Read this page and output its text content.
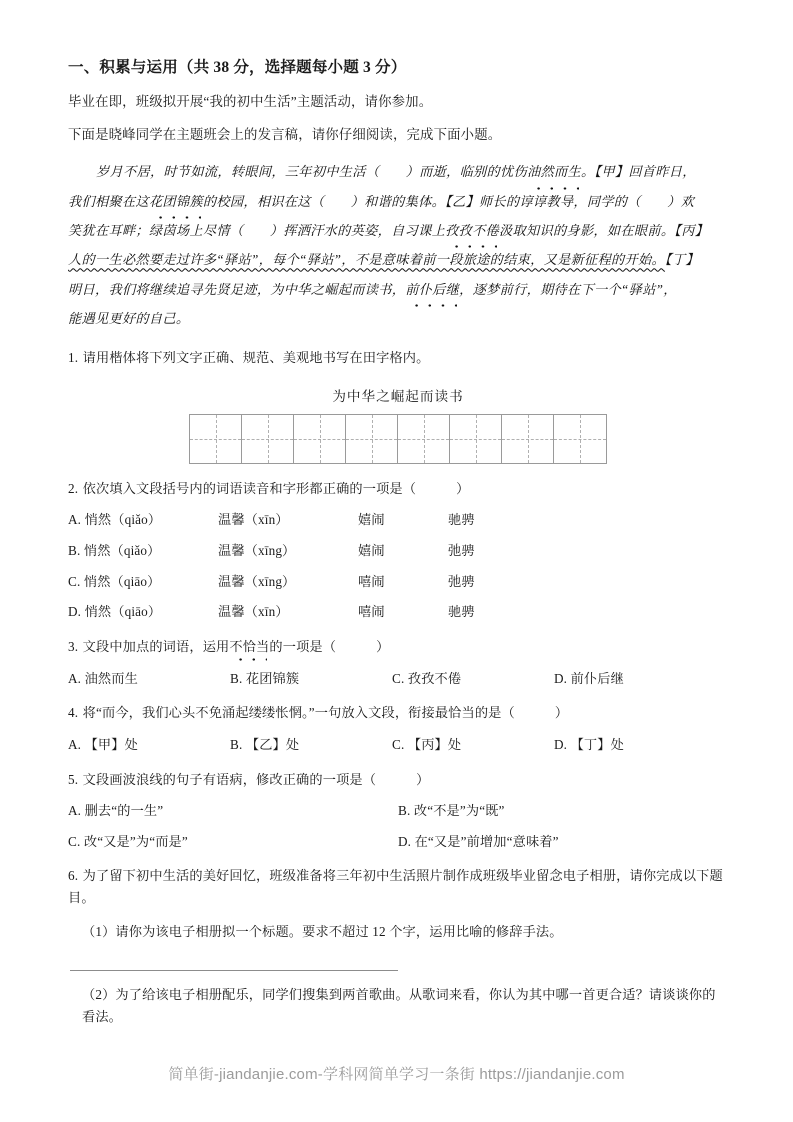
一、积累与运用（共 38 分，选择题每小题 3 分）

毕业在即，班级拟开展“我的初中生活”主题活动，请你参加。

下面是晓峰同学在主题班会上的发言稿，请你仔细阅读，完成下面小题。

岁月不居，时节如流，转眼间，三年初中生活（　　 ）而逝，临别的忧伤油然而生。【甲】回首昨日，

我们相聚在这花团锦簇的校园，相识在这（　　 ）和谐的集体。【乙】师长的谆谆教导，同学的（　　 ）欢

笑犹在耳畔；绿茵场上尽情（　　 ）挥洒汗水的英姿，自习课上孜孜不倦汲取知识的身影，如在眼前。【丙】

人的一生必然要走过许多“驿站”，每个“驿站”，不是意味着前一段旅途的结束，又是新征程的开始。【丁】

明日，我们将继续追寻先贤足迹，为中华之崛起而读书，前仆后继，逐梦前行，期待在下一个“驿站”，

能遇见更好的自己。

1. 请用楷体将下列文字正确、规范、美观地书写在田字格内。

为中华之崛起而读书

2. 依次填入文段括号内的词语读音和字形都正确的一项是（　　　）

A. 悄然（qiǎo）	温馨（xīn）	嬉闹	驰骋
B. 悄然（qiǎo）	温馨（xīng）	嬉闹	弛骋
C. 悄然（qiāo）	温馨（xīng）	嘻闹	弛骋
D. 悄然（qiāo）	温馨（xīn）	嘻闹	驰骋

3. 文段中加点的词语，运用不恰当的一项是（　　　）

A. 油然而生	B. 花团锦簇	C. 孜孜不倦	D. 前仆后继

4. 将“而今，我们心头不免涌起缕缕怅惘。”一句放入文段，衔接最恰当的是（　　　）

A. 【甲】处	B. 【乙】处	C. 【丙】处	D. 【丁】处

5. 文段画波浪线的句子有语病，修改正确的一项是（　　　）

A. 删去“的一生”	B. 改“不是”为“既”
C. 改“又是”为“而是”	D. 在“又是”前增加“意味着”

6. 为了留下初中生活的美好回忆，班级准备将三年初中生活照片制作成班级毕业留念电子相册，请你完成以下题目。

（1）请你为该电子相册拟一个标题。要求不超过 12 个字，运用比喻的修辞手法。

（2）为了给该电子相册配乐，同学们搜集到两首歌曲。从歌词来看，你认为其中哪一首更合适？请谈谈你的看法。

简单街-jiandanjie.com-学科网简单学习一条街 https://jiandanjie.com
